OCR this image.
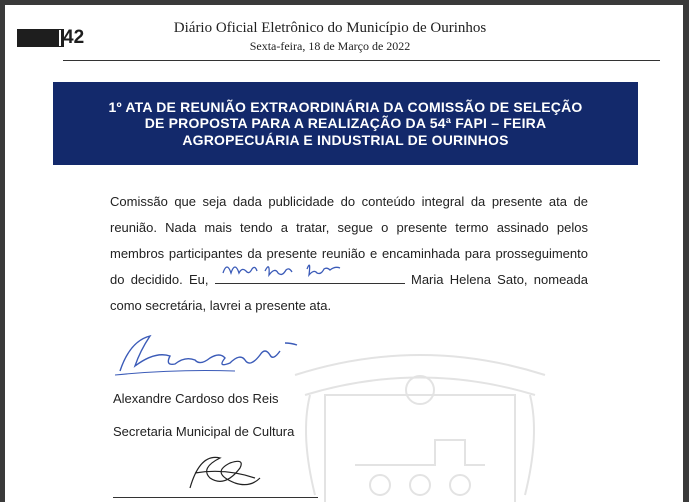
42	Diário Oficial Eletrônico do Município de Ourinhos
Sexta-feira, 18 de Março de 2022
1º ATA DE REUNIÃO EXTRAORDINÁRIA DA COMISSÃO DE SELEÇÃO DE PROPOSTA PARA A REALIZAÇÃO DA 54ª FAPI – FEIRA AGROPECUÁRIA E INDUSTRIAL DE OURINHOS

Comissão que seja dada publicidade do conteúdo integral da presente ata de reunião. Nada mais tendo a tratar, segue o presente termo assinado pelos membros participantes da presente reunião e encaminhada para prosseguimento do decidido. Eu,	Maria Helena Sato, nomeada como secretária, lavrei a presente ata.

Alexandre Cardoso dos Reis
Secretaria Municipal de Cultura
